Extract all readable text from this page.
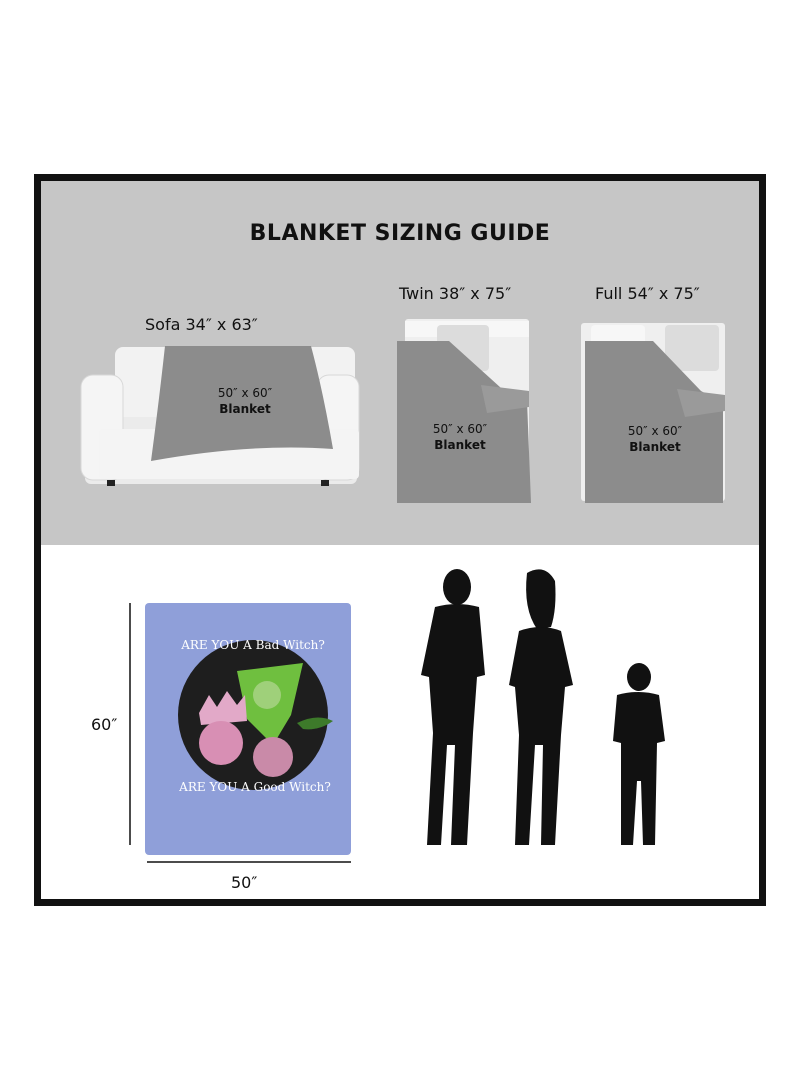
BLANKET SIZING GUIDE
Sofa 34″ x 63″
Twin 38″ x 75″	Full 54″ x 75″
50″ x 60″
Blanket
50″ x 60″
Blanket
50″ x 60″
Blanket
ARE YOU A Bad Witch?
ARE YOU A Good Witch?
60″
50″
